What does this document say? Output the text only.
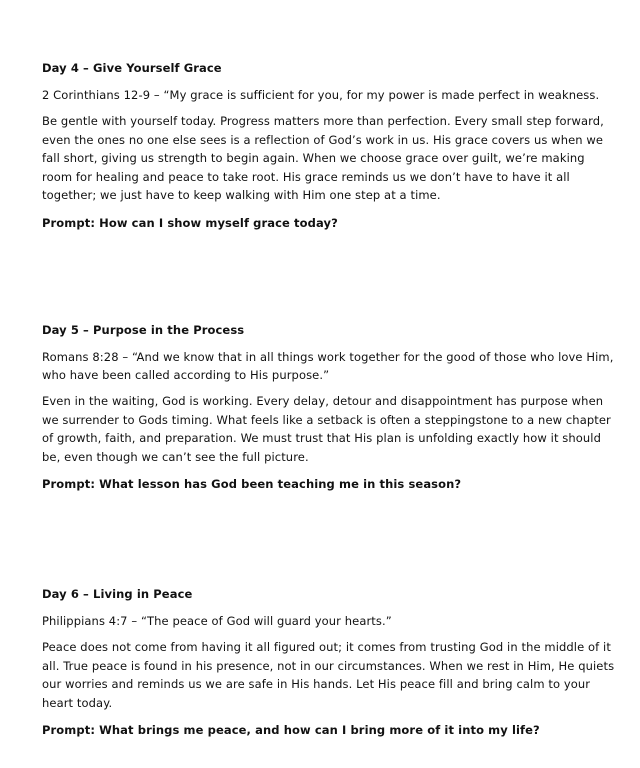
Day 4 – Give Yourself Grace
2 Corinthians 12-9 – “My grace is sufficient for you, for my power is made perfect in weakness.
Be gentle with yourself today. Progress matters more than perfection. Every small step forward, even the ones no one else sees is a reflection of God’s work in us. His grace covers us when we fall short, giving us strength to begin again. When we choose grace over guilt, we’re making room for healing and peace to take root. His grace reminds us we don’t have to have it all together; we just have to keep walking with Him one step at a time.
Prompt: How can I show myself grace today?
Day 5 – Purpose in the Process
Romans 8:28 – “And we know that in all things work together for the good of those who love Him, who have been called according to His purpose.”
Even in the waiting, God is working. Every delay, detour and disappointment has purpose when we surrender to Gods timing. What feels like a setback is often a steppingstone to a new chapter of growth, faith, and preparation. We must trust that His plan is unfolding exactly how it should be, even though we can’t see the full picture.
Prompt: What lesson has God been teaching me in this season?
Day 6 – Living in Peace
Philippians 4:7 – “The peace of God will guard your hearts.”
Peace does not come from having it all figured out; it comes from trusting God in the middle of it all. True peace is found in his presence, not in our circumstances. When we rest in Him, He quiets our worries and reminds us we are safe in His hands. Let His peace fill and bring calm to your heart today.
Prompt: What brings me peace, and how can I bring more of it into my life?
